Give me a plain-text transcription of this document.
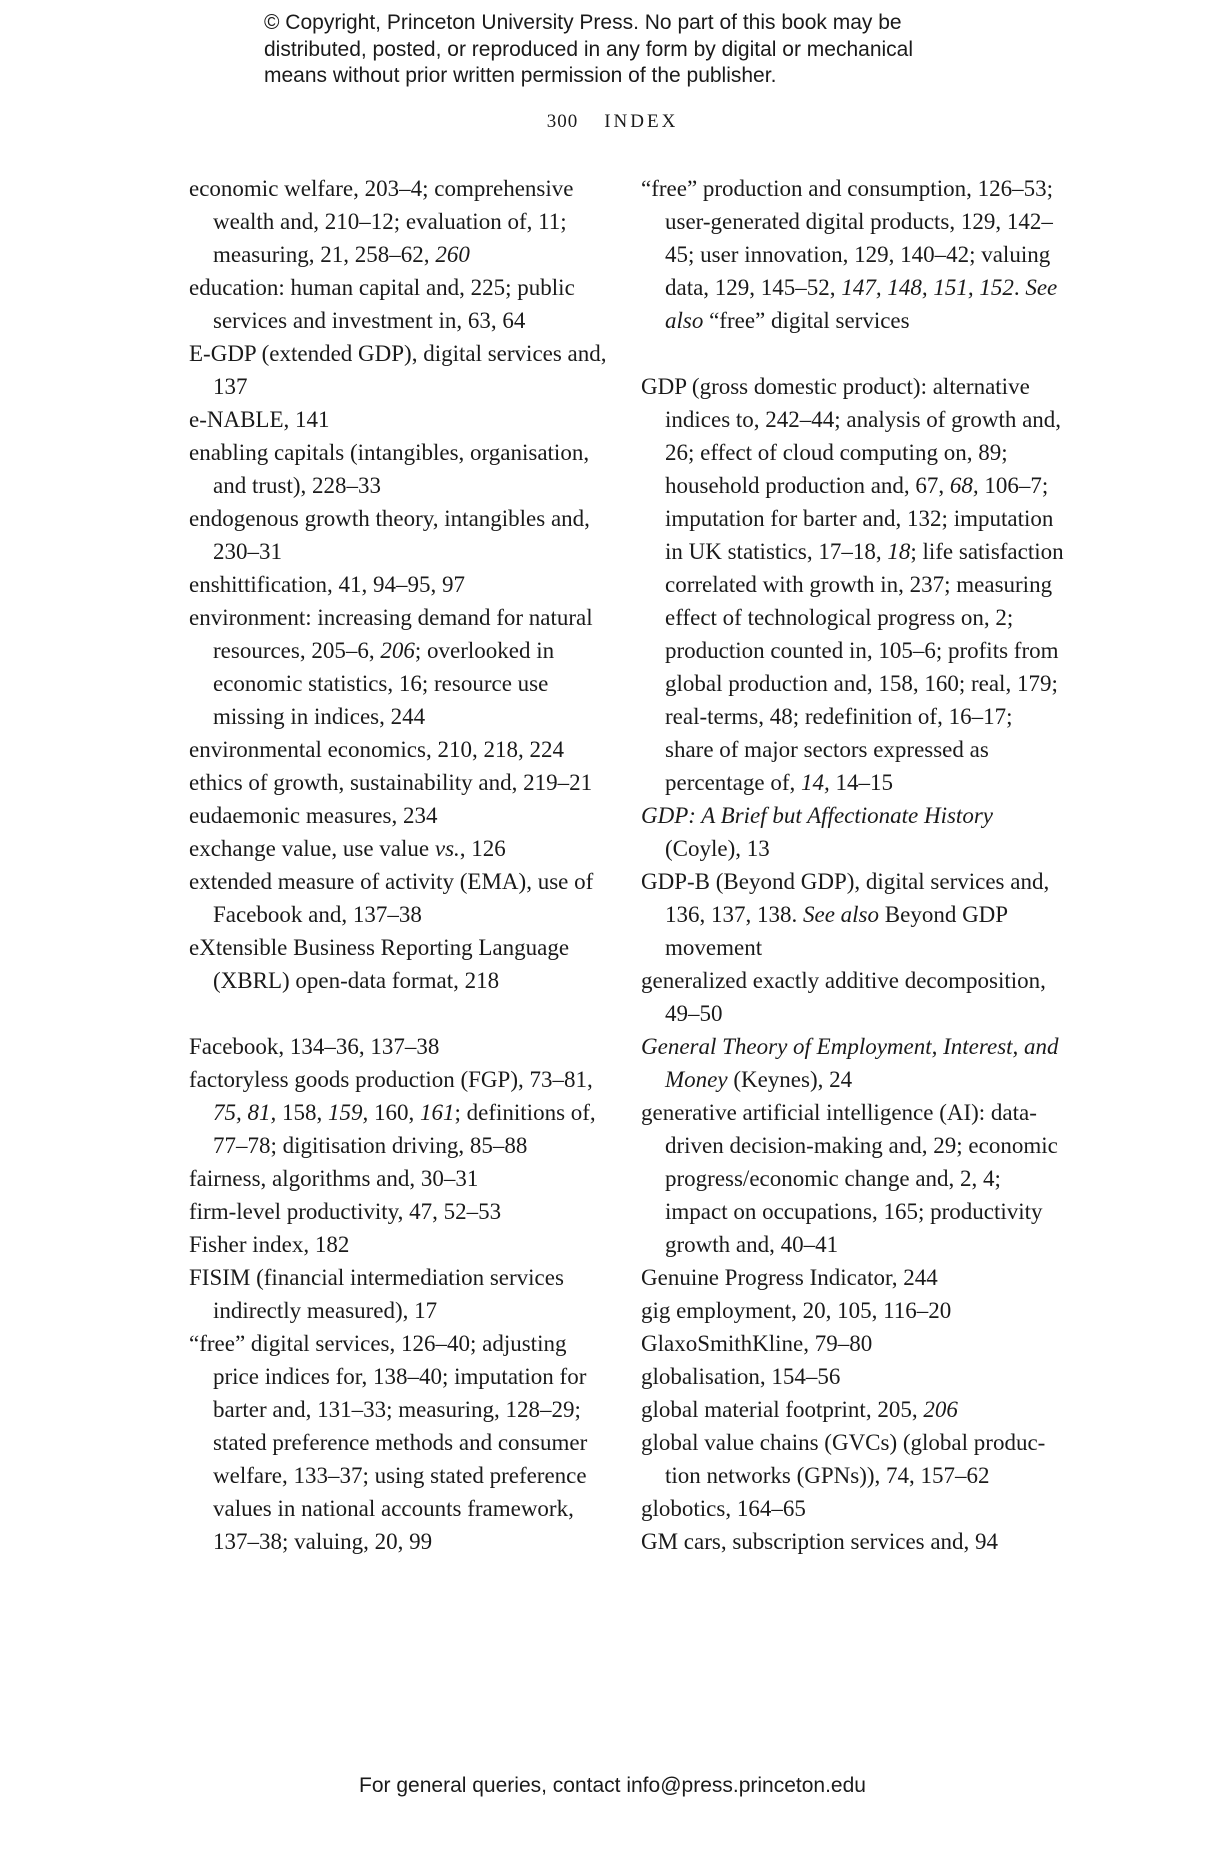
© Copyright, Princeton University Press. No part of this book may be
distributed, posted, or reproduced in any form by digital or mechanical
means without prior written permission of the publisher.
300 INDEX

economic welfare, 203–4; comprehensive wealth and, 210–12; evaluation of, 11; measuring, 21, 258–62, 260

education: human capital and, 225; public services and investment in, 63, 64

E-GDP (extended GDP), digital services and, 137

e-NABLE, 141

enabling capitals (intangibles, organisation, and trust), 228–33

endogenous growth theory, intangibles and, 230–31

enshittification, 41, 94–95, 97

environment: increasing demand for natural resources, 205–6, 206; overlooked in economic statistics, 16; resource use missing in indices, 244

environmental economics, 210, 218, 224

ethics of growth, sustainability and, 219–21

eudaemonic measures, 234

exchange value, use value vs., 126

extended measure of activity (EMA), use of Facebook and, 137–38

eXtensible Business Reporting Language (XBRL) open-data format, 218

Facebook, 134–36, 137–38

factoryless goods production (FGP), 73–81, 75, 81, 158, 159, 160, 161; definitions of, 77–78; digitisation driving, 85–88

fairness, algorithms and, 30–31

firm-level productivity, 47, 52–53

Fisher index, 182

FISIM (financial intermediation services indirectly measured), 17

“free” digital services, 126–40; adjusting price indices for, 138–40; imputation for barter and, 131–33; measuring, 128–29; stated preference methods and consumer welfare, 133–37; using stated preference values in national accounts framework, 137–38; valuing, 20, 99

“free” production and consumption, 126–53; user-generated digital products, 129, 142–45; user innovation, 129, 140–42; valuing data, 129, 145–52, 147, 148, 151, 152. See also “free” digital services

GDP (gross domestic product): alternative indices to, 242–44; analysis of growth and, 26; effect of cloud computing on, 89; household production and, 67, 68, 106–7; imputation for barter and, 132; imputation in UK statistics, 17–18, 18; life satisfaction correlated with growth in, 237; measuring effect of technological progress on, 2; production counted in, 105–6; profits from global production and, 158, 160; real, 179; real-terms, 48; redefinition of, 16–17; share of major sectors expressed as percentage of, 14, 14–15

GDP: A Brief but Affectionate History (Coyle), 13

GDP-B (Beyond GDP), digital services and, 136, 137, 138. See also Beyond GDP movement

generalized exactly additive decomposition, 49–50

General Theory of Employment, Interest, and Money (Keynes), 24

generative artificial intelligence (AI): data-driven decision-making and, 29; economic progress/economic change and, 2, 4; impact on occupations, 165; productivity growth and, 40–41

Genuine Progress Indicator, 244

gig employment, 20, 105, 116–20

GlaxoSmithKline, 79–80

globalisation, 154–56

global material footprint, 205, 206

global value chains (GVCs) (global produc-tion networks (GPNs)), 74, 157–62

globotics, 164–65

GM cars, subscription services and, 94

For general queries, contact info@press.princeton.edu
